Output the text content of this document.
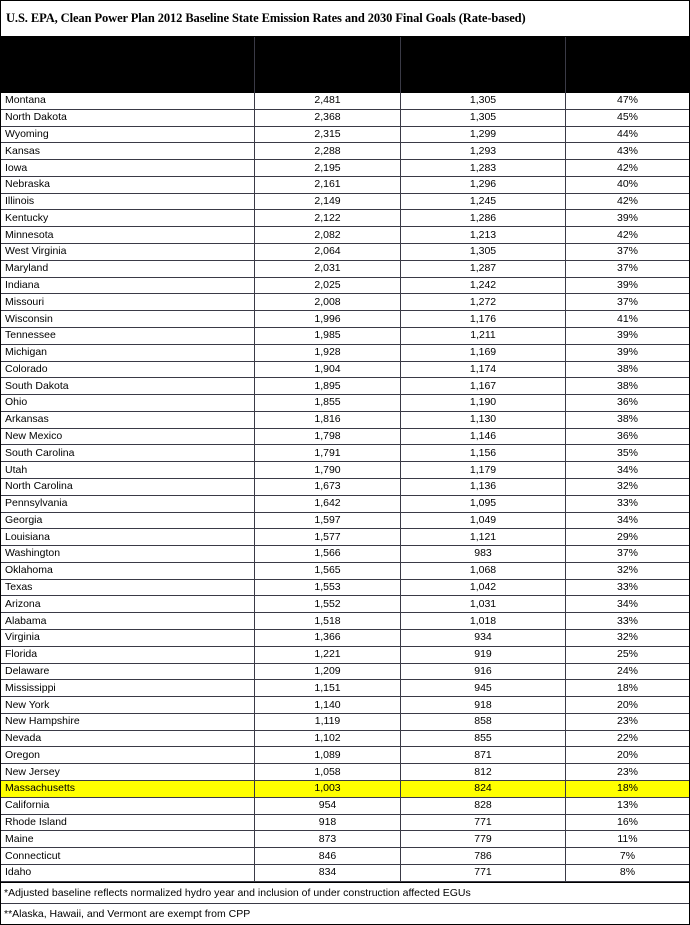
U.S. EPA, Clean Power Plan 2012 Baseline State Emission Rates and 2030 Final Goals (Rate-based)
State	2012 Baseline	2030 Final Goal	Percent Reduction
Montana	2,481	1,305	47%
North Dakota	2,368	1,305	45%
Wyoming	2,315	1,299	44%
Kansas	2,288	1,293	43%
Iowa	2,195	1,283	42%
Nebraska	2,161	1,296	40%
Illinois	2,149	1,245	42%
Kentucky	2,122	1,286	39%
Minnesota	2,082	1,213	42%
West Virginia	2,064	1,305	37%
Maryland	2,031	1,287	37%
Indiana	2,025	1,242	39%
Missouri	2,008	1,272	37%
Wisconsin	1,996	1,176	41%
Tennessee	1,985	1,211	39%
Michigan	1,928	1,169	39%
Colorado	1,904	1,174	38%
South Dakota	1,895	1,167	38%
Ohio	1,855	1,190	36%
Arkansas	1,816	1,130	38%
New Mexico	1,798	1,146	36%
South Carolina	1,791	1,156	35%
Utah	1,790	1,179	34%
North Carolina	1,673	1,136	32%
Pennsylvania	1,642	1,095	33%
Georgia	1,597	1,049	34%
Louisiana	1,577	1,121	29%
Washington	1,566	983	37%
Oklahoma	1,565	1,068	32%
Texas	1,553	1,042	33%
Arizona	1,552	1,031	34%
Alabama	1,518	1,018	33%
Virginia	1,366	934	32%
Florida	1,221	919	25%
Delaware	1,209	916	24%
Mississippi	1,151	945	18%
New York	1,140	918	20%
New Hampshire	1,119	858	23%
Nevada	1,102	855	22%
Oregon	1,089	871	20%
New Jersey	1,058	812	23%
Massachusetts	1,003	824	18%
California	954	828	13%
Rhode Island	918	771	16%
Maine	873	779	11%
Connecticut	846	786	7%
Idaho	834	771	8%
*Adjusted baseline reflects normalized hydro year and inclusion of under construction affected EGUs
**Alaska, Hawaii, and Vermont are exempt from CPP
